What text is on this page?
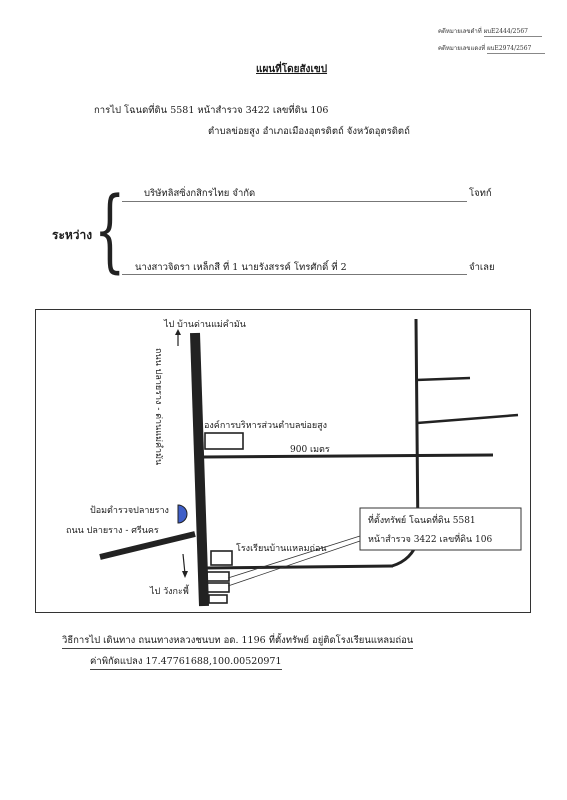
คดีหมายเลขดำที่ ผบE2444/2567
คดีหมายเลขแดงที่ ผบE2974/2567
แผนที่โดยสังเขป
การไป โฉนดที่ดิน 5581 หน้าสำรวจ 3422 เลขที่ดิน 106
ตำบลข่อยสูง อำเภอเมืองอุตรดิตถ์ จังหวัดอุตรดิตถ์
ระหว่าง { บริษัทลิสซิ่งกสิกรไทย จำกัด	โจทก์
นางสาวจิดรา เหล็กสี ที่ 1 นายรังสรรค์ โทรศักดิ์ ที่ 2	จำเลย
ไป บ้านด่านแม่คำมัน
ถนน ปลายราง - ด่านแม่คำมัน	องค์การบริหารส่วนตำบลข่อยสูง
900 เมตร
ป้อมตำรวจปลายราง
ถนน ปลายราง - ศรีนคร
โรงเรียนบ้านแหลมถ่อน
ไป วังกะพี้
ที่ตั้งทรัพย์ โฉนดที่ดิน 5581
หน้าสำรวจ 3422 เลขที่ดิน 106
วิธีการไป เดินทาง ถนนทางหลวงชนบท อด. 1196 ที่ตั้งทรัพย์ อยู่ติดโรงเรียนแหลมถ่อน
ค่าพิกัดแปลง 17.47761688,100.00520971
